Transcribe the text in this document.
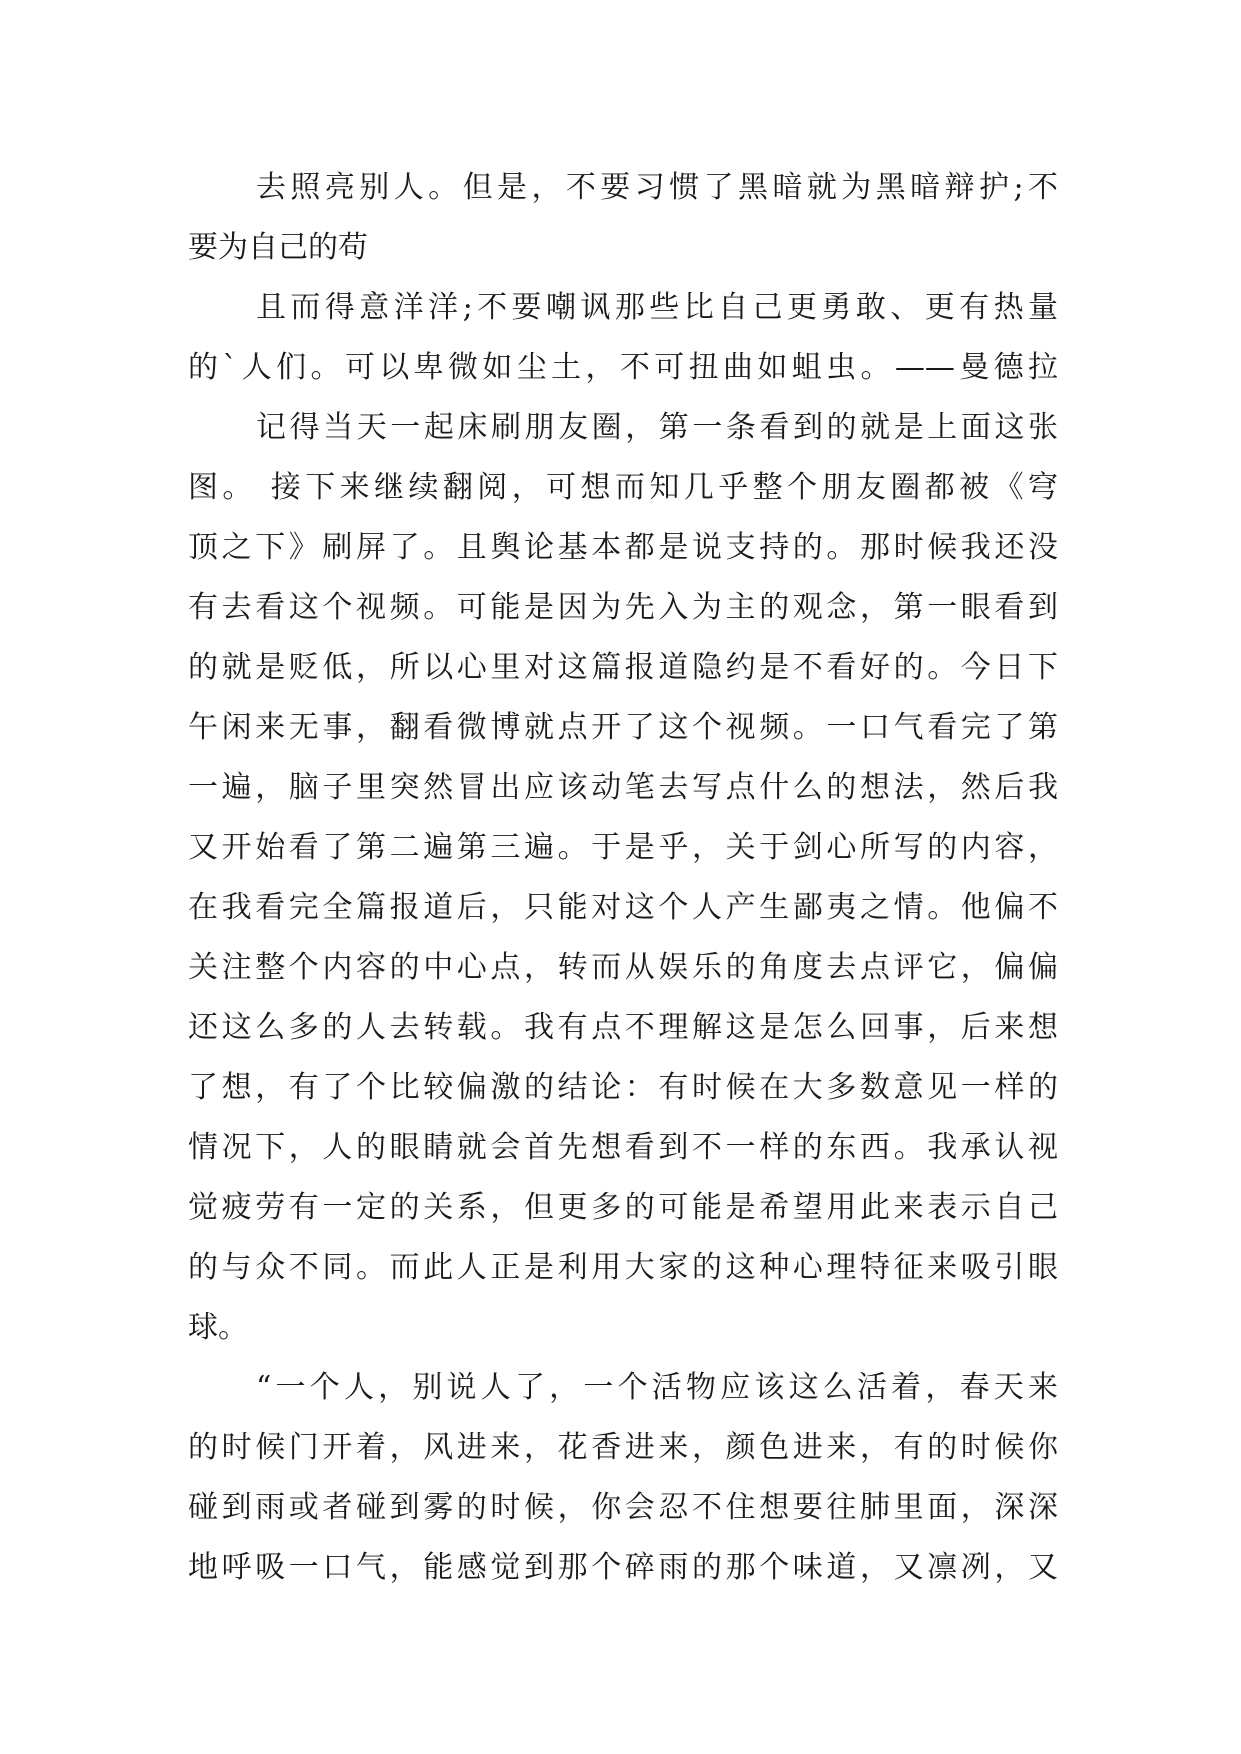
去照亮别人。但是，不要习惯了黑暗就为黑暗辩护;不
要为自己的苟
且而得意洋洋;不要嘲讽那些比自己更勇敢、更有热量
的`人们。可以卑微如尘土，不可扭曲如蛆虫。——曼德拉
记得当天一起床刷朋友圈，第一条看到的就是上面这张
图。 接下来继续翻阅，可想而知几乎整个朋友圈都被《穹
顶之下》刷屏了。且舆论基本都是说支持的。那时候我还没
有去看这个视频。可能是因为先入为主的观念，第一眼看到
的就是贬低，所以心里对这篇报道隐约是不看好的。今日下
午闲来无事，翻看微博就点开了这个视频。一口气看完了第
一遍，脑子里突然冒出应该动笔去写点什么的想法，然后我
又开始看了第二遍第三遍。于是乎，关于剑心所写的内容，
在我看完全篇报道后，只能对这个人产生鄙夷之情。他偏不
关注整个内容的中心点，转而从娱乐的角度去点评它，偏偏
还这么多的人去转载。我有点不理解这是怎么回事，后来想
了想，有了个比较偏激的结论：有时候在大多数意见一样的
情况下，人的眼睛就会首先想看到不一样的东西。我承认视
觉疲劳有一定的关系，但更多的可能是希望用此来表示自己
的与众不同。而此人正是利用大家的这种心理特征来吸引眼
球。
“一个人，别说人了，一个活物应该这么活着，春天来
的时候门开着，风进来，花香进来，颜色进来，有的时候你
碰到雨或者碰到雾的时候，你会忍不住想要往肺里面，深深
地呼吸一口气，能感觉到那个碎雨的那个味道，又凛冽，又
